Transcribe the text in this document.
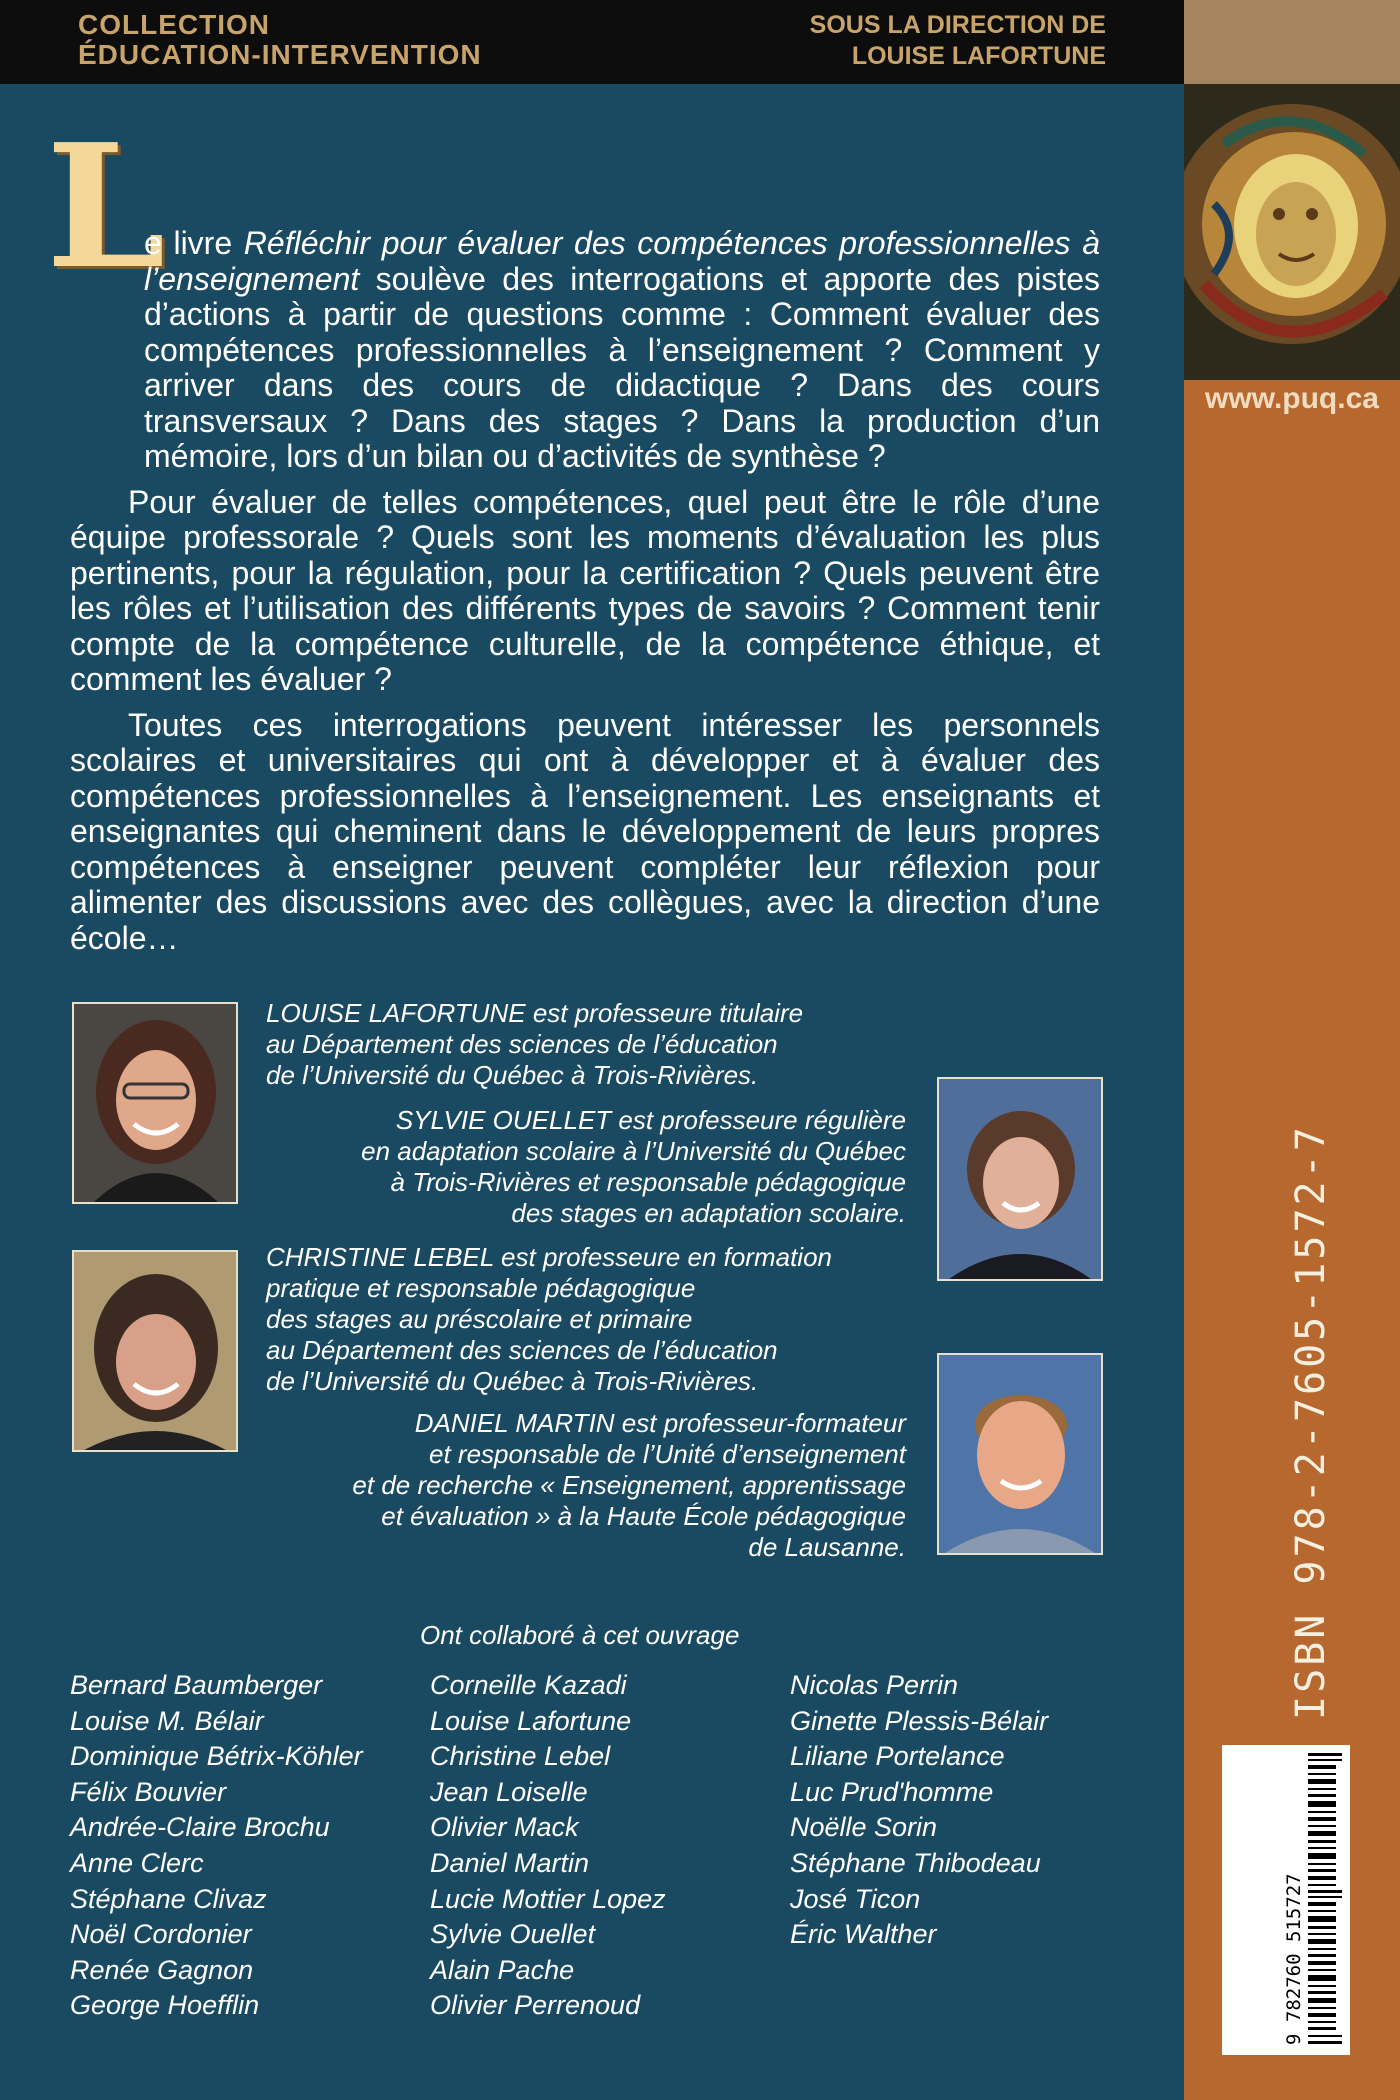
COLLECTION
ÉDUCATION-INTERVENTION
SOUS LA DIRECTION DE
LOUISE LAFORTUNE
www.puq.ca
ISBN 978-2-7605-1572-7
9 782760 515727
L

e livre Réfléchir pour évaluer des compétences professionnelles à l’enseignement soulève des interrogations et apporte des pistes d’actions à partir de questions comme : Comment évaluer des compétences professionnelles à l’enseignement ? Comment y arriver dans des cours de didactique ? Dans des cours transversaux ? Dans des stages ? Dans la production d’un mémoire, lors d’un bilan ou d’activités de synthèse ?

Pour évaluer de telles compétences, quel peut être le rôle d’une équipe professorale ? Quels sont les moments d’évaluation les plus pertinents, pour la régulation, pour la certification ? Quels peuvent être les rôles et l’utilisation des différents types de savoirs ? Comment tenir compte de la compétence culturelle, de la compétence éthique, et comment les évaluer ?

Toutes ces interrogations peuvent intéresser les personnels scolaires et universitaires qui ont à développer et à évaluer des compétences professionnelles à l’enseignement. Les enseignants et enseignantes qui cheminent dans le développement de leurs propres compétences à enseigner peuvent compléter leur réflexion pour alimenter des discussions avec des collègues, avec la direction d’une école…

LOUISE LAFORTUNE est professeure titulaire
au Département des sciences de l’éducation
de l’Université du Québec à Trois-Rivières.
SYLVIE OUELLET est professeure régulière
en adaptation scolaire à l’Université du Québec
à Trois-Rivières et responsable pédagogique
des stages en adaptation scolaire.
CHRISTINE LEBEL est professeure en formation
pratique et responsable pédagogique
des stages au préscolaire et primaire
au Département des sciences de l’éducation
de l’Université du Québec à Trois-Rivières.
DANIEL MARTIN est professeur-formateur
et responsable de l’Unité d’enseignement
et de recherche « Enseignement, apprentissage
et évaluation » à la Haute École pédagogique
de Lausanne.
Ont collaboré à cet ouvrage
Bernard Baumberger
Louise M. Bélair
Dominique Bétrix-Köhler
Félix Bouvier
Andrée-Claire Brochu
Anne Clerc
Stéphane Clivaz
Noël Cordonier
Renée Gagnon
George Hoefflin
Corneille Kazadi
Louise Lafortune
Christine Lebel
Jean Loiselle
Olivier Mack
Daniel Martin
Lucie Mottier Lopez
Sylvie Ouellet
Alain Pache
Olivier Perrenoud
Nicolas Perrin
Ginette Plessis-Bélair
Liliane Portelance
Luc Prud'homme
Noëlle Sorin
Stéphane Thibodeau
José Ticon
Éric Walther
